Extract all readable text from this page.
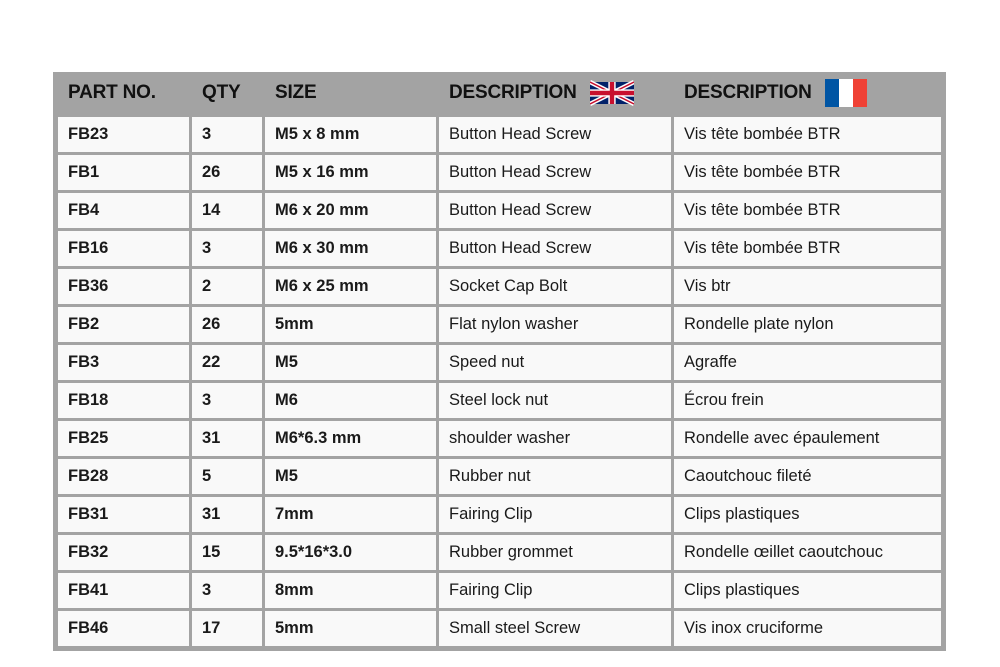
PART NO.	QTY	SIZE	DESCRIPTION	DESCRIPTION
FB23	3	M5 x 8 mm	Button Head Screw	Vis tête bombée BTR
FB1	26	M5 x 16 mm	Button Head Screw	Vis tête bombée BTR
FB4	14	M6 x 20 mm	Button Head Screw	Vis tête bombée BTR
FB16	3	M6 x 30 mm	Button Head Screw	Vis tête bombée BTR
FB36	2	M6 x 25 mm	Socket Cap Bolt	Vis btr
FB2	26	5mm	Flat nylon washer	Rondelle plate nylon
FB3	22	M5	Speed nut	Agraffe
FB18	3	M6	Steel lock nut	Écrou frein
FB25	31	M6*6.3 mm	shoulder washer	Rondelle avec épaulement
FB28	5	M5	Rubber nut	Caoutchouc fileté
FB31	31	7mm	Fairing Clip	Clips plastiques
FB32	15	9.5*16*3.0	Rubber grommet	Rondelle œillet caoutchouc
FB41	3	8mm	Fairing Clip	Clips plastiques
FB46	17	5mm	Small steel Screw	Vis inox cruciforme
